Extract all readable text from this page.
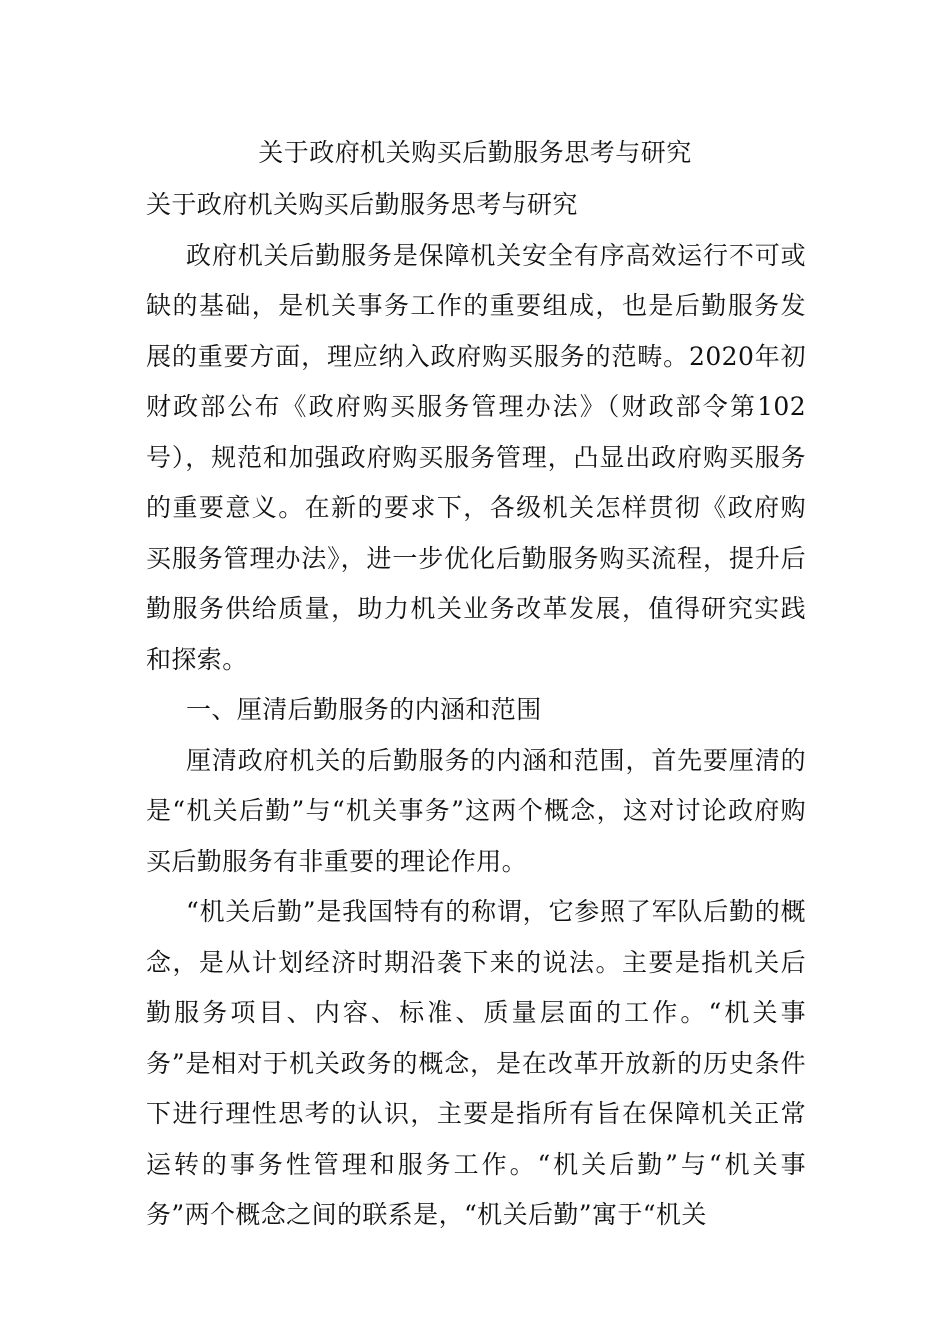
关于政府机关购买后勤服务思考与研究

关于政府机关购买后勤服务思考与研究

政府机关后勤服务是保障机关安全有序高效运行不可或缺的基础，是机关事务工作的重要组成，也是后勤服务发展的重要方面，理应纳入政府购买服务的范畴。2020年初财政部公布《政府购买服务管理办法》（财政部令第102号），规范和加强政府购买服务管理，凸显出政府购买服务的重要意义。在新的要求下，各级机关怎样贯彻《政府购买服务管理办法》，进一步优化后勤服务购买流程，提升后勤服务供给质量，助力机关业务改革发展，值得研究实践和探索。

一、厘清后勤服务的内涵和范围

厘清政府机关的后勤服务的内涵和范围，首先要厘清的是“机关后勤”与“机关事务”这两个概念，这对讨论政府购买后勤服务有非重要的理论作用。

“机关后勤”是我国特有的称谓，它参照了军队后勤的概念，是从计划经济时期沿袭下来的说法。主要是指机关后勤服务项目、内容、标准、质量层面的工作。“机关事务”是相对于机关政务的概念，是在改革开放新的历史条件下进行理性思考的认识，主要是指所有旨在保障机关正常运转的事务性管理和服务工作。“机关后勤”与“机关事务”两个概念之间的联系是，“机关后勤”寓于“机关
